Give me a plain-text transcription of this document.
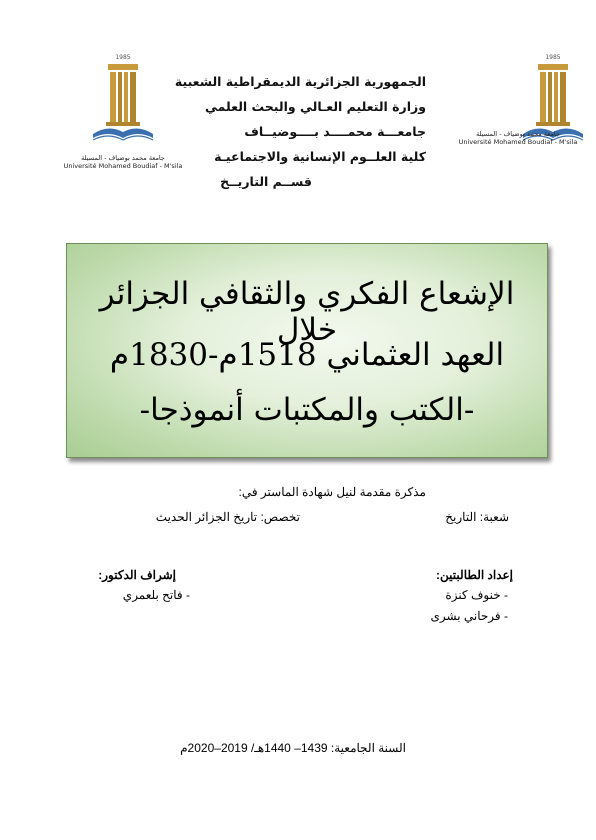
1985
جامعة محمد بوضياف - المسيلة
Université Mohamed Boudiaf - M'sila
1985
جامعة محمد بوضياف - المسيلة
Université Mohamed Boudiaf - M'sila
الجمهورية الجزائرية الديمقراطية الشعبية
وزارة التعليم العـالي والبحث العلمي
جامعـــة محمــــد بــــوضيــاف
كلية العلــوم الإنسانية والاجتماعيـة
قســم التاريــخ
الإشعاع الفكري والثقافي الجزائر خلال
العهد العثماني 1518م-1830م
-الكتب والمكتبات أنموذجا-
مذكرة مقدمة لنيل شهادة الماستر في:
شعبة: التاريخ
تخصص: تاريخ الجزائر الحديث
إعداد الطالبتين:
- خنوف كنزة
- فرحاني بشرى
إشراف الدكتور:
- فاتح بلعمري
السنة الجامعية: 1439– 1440هـ/ 2019–2020م
